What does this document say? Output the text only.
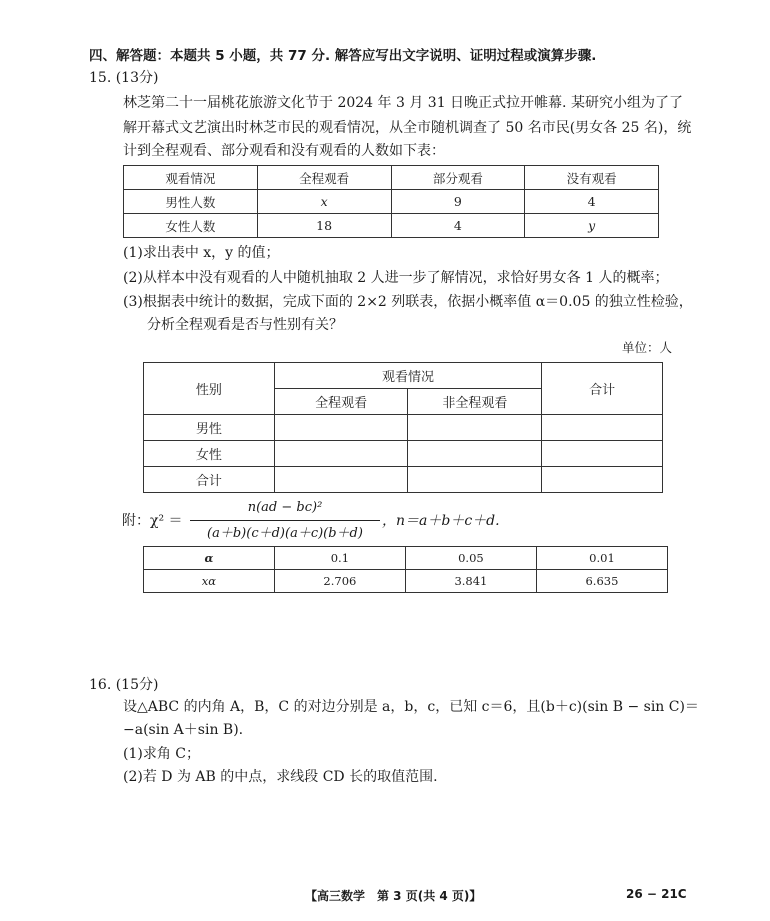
四、解答题：本题共 5 小题，共 77 分. 解答应写出文字说明、证明过程或演算步骤.
15. (13分)
林芝第二十一届桃花旅游文化节于 2024 年 3 月 31 日晚正式拉开帷幕. 某研究小组为了了
解开幕式文艺演出时林芝市民的观看情况，从全市随机调查了 50 名市民(男女各 25 名)，统
计到全程观看、部分观看和没有观看的人数如下表：
观看情况	全程观看	部分观看	没有观看
男性人数	x	9	4
女性人数	18	4	y
(1)求出表中 x，y 的值；
(2)从样本中没有观看的人中随机抽取 2 人进一步了解情况，求恰好男女各 1 人的概率；
(3)根据表中统计的数据，完成下面的 2×2 列联表，依据小概率值 α＝0.05 的独立性检验，
分析全程观看是否与性别有关？
单位：人
性别	观看情况		合计
	全程观看	非全程观看	
男性			
女性			
合计			
附：χ² ＝
n(ad − bc)²
(a＋b)(c＋d)(a＋c)(b＋d)
，n＝a＋b＋c＋d.
α	0.1	0.05	0.01
xα	2.706	3.841	6.635
16. (15分)
设△ABC 的内角 A，B，C 的对边分别是 a，b，c，已知 c＝6，且(b＋c)(sin B − sin C)＝
−a(sin A＋sin B).
(1)求角 C；
(2)若 D 为 AB 的中点，求线段 CD 长的取值范围.
【高三数学　第 3 页(共 4 页)】	26 − 21C
